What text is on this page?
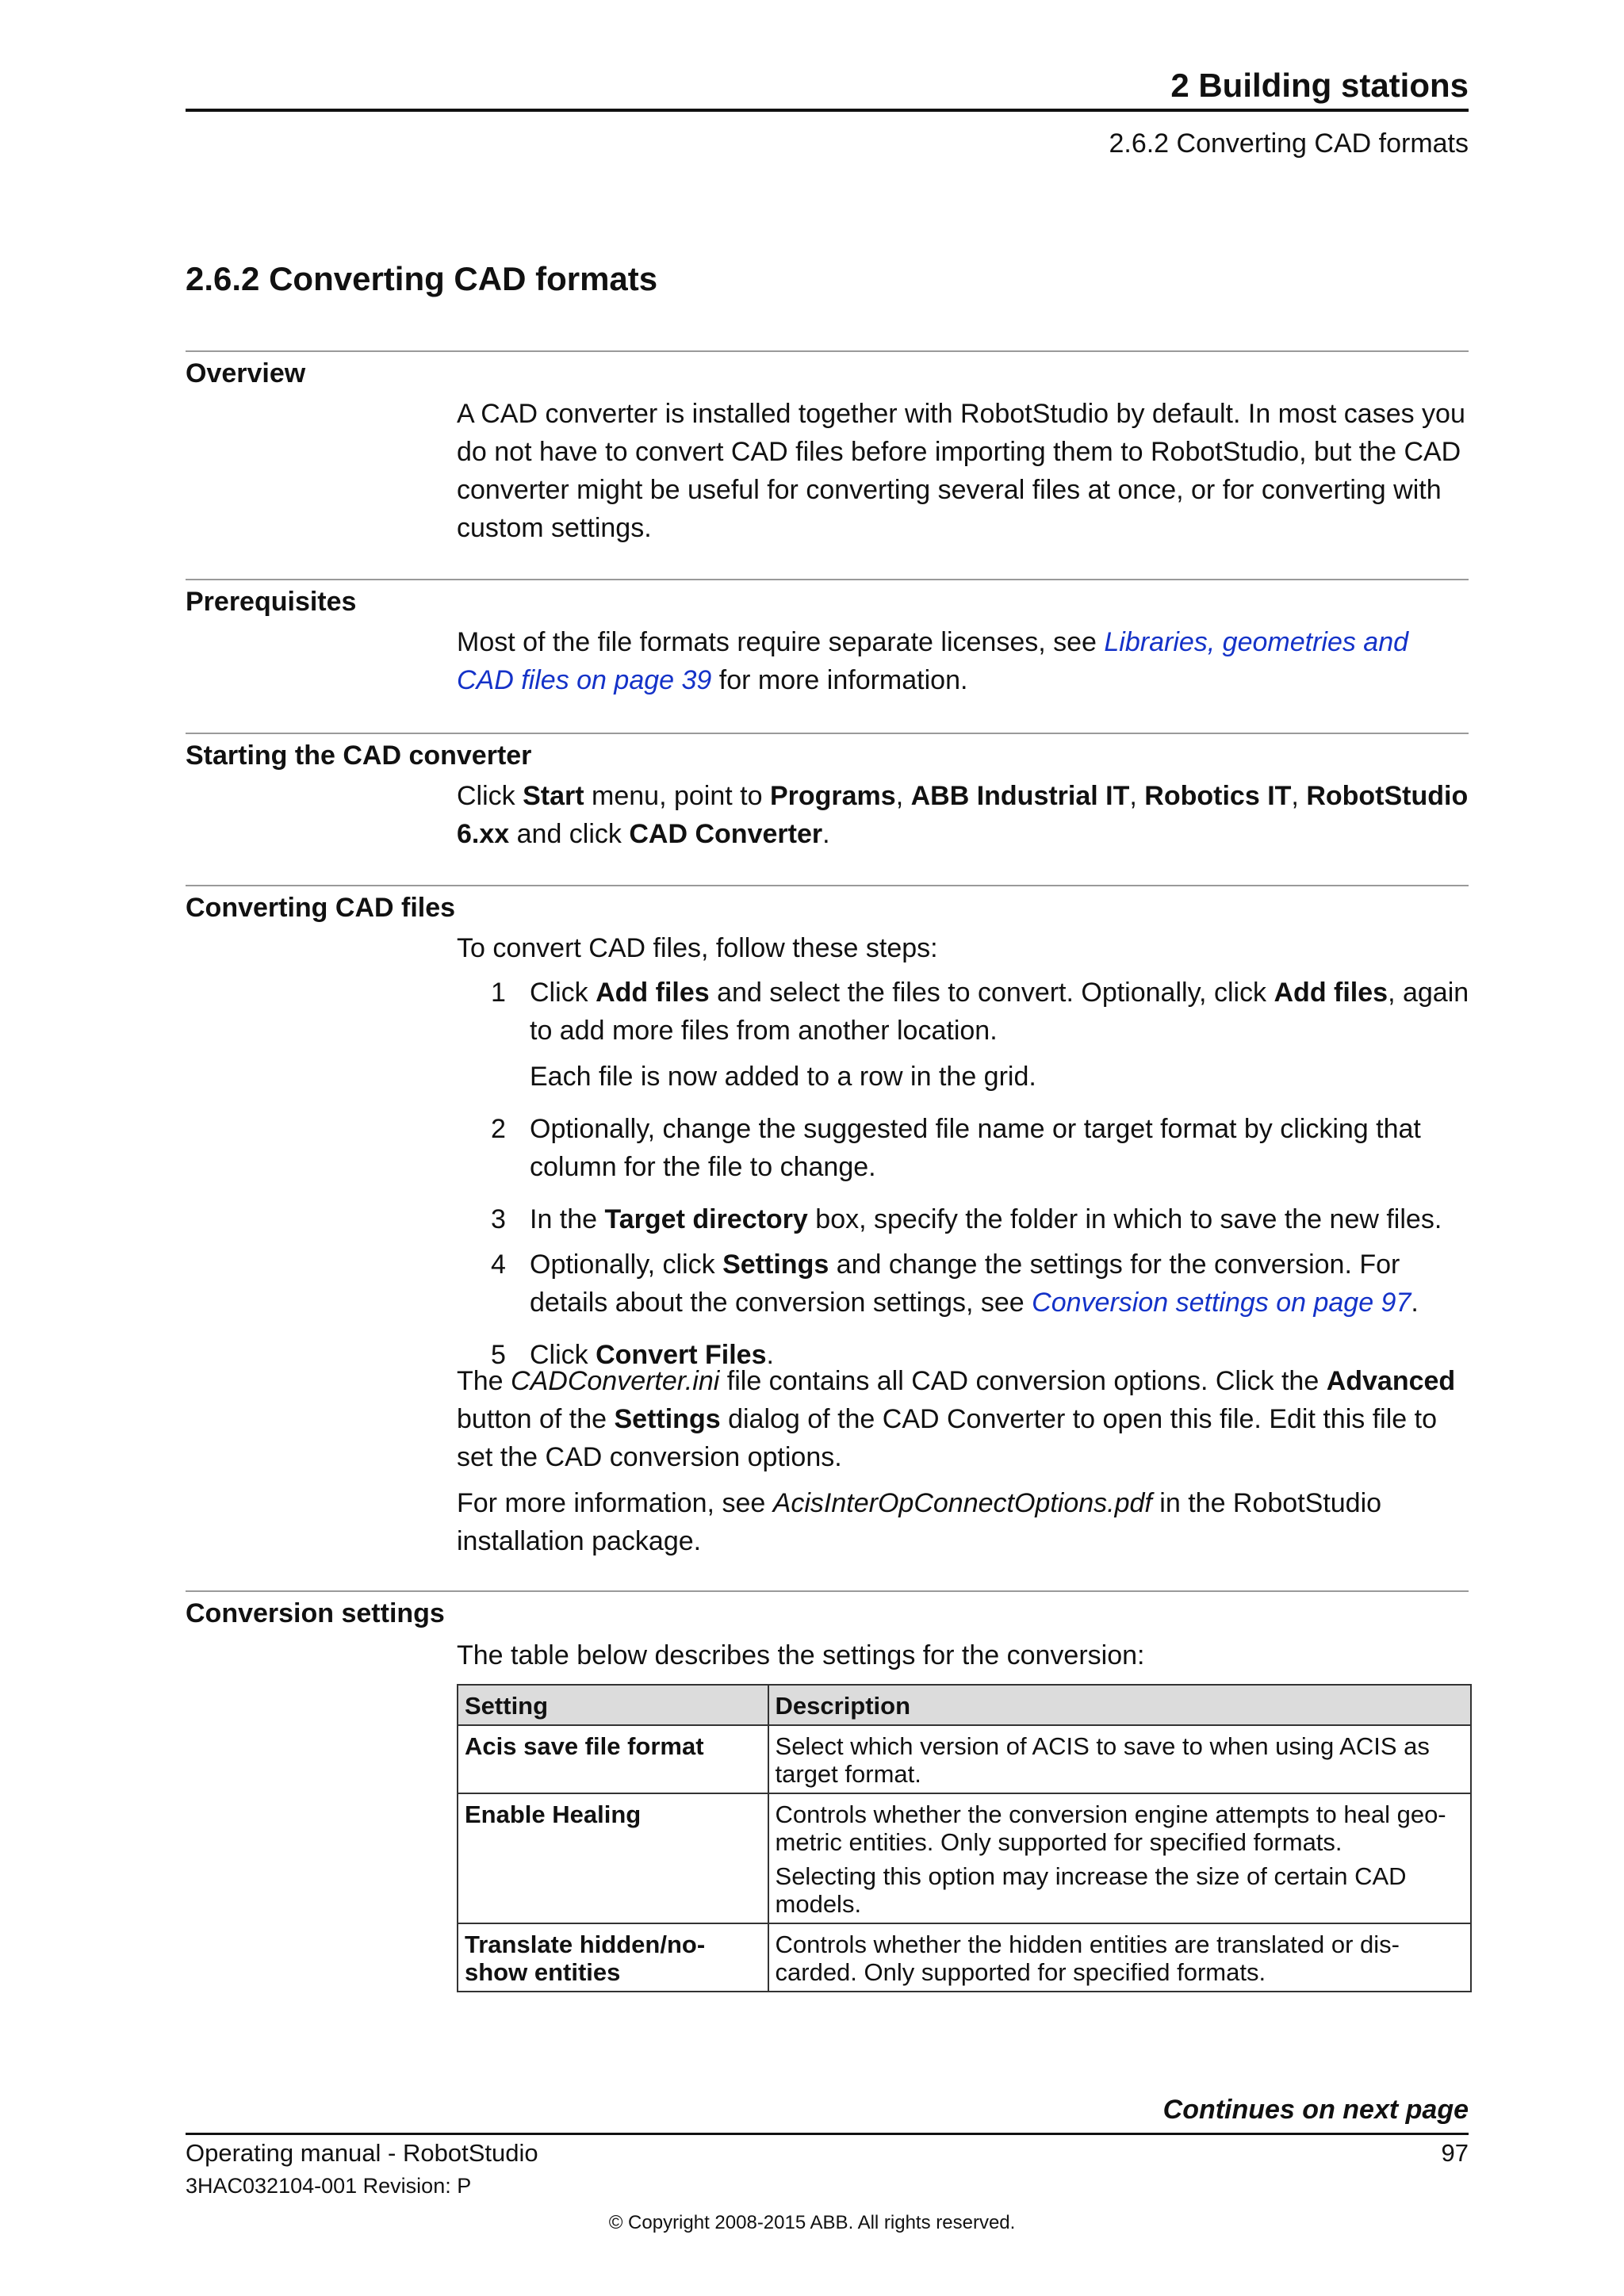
2 Building stations
2.6.2 Converting CAD formats
2.6.2 Converting CAD formats
Overview

A CAD converter is installed together with RobotStudio by default. In most cases you do not have to convert CAD files before importing them to RobotStudio, but the CAD converter might be useful for converting several files at once, or for converting with custom settings.

Prerequisites

Most of the file formats require separate licenses, see Libraries, geometries and CAD files on page 39 for more information.

Starting the CAD converter

Click Start menu, point to Programs, ABB Industrial IT, Robotics IT, RobotStudio 6.xx and click CAD Converter.

Converting CAD files

To convert CAD files, follow these steps:

1 Click Add files and select the files to convert. Optionally, click Add files, again to add more files from another location.
Each file is now added to a row in the grid.
2 Optionally, change the suggested file name or target format by clicking that column for the file to change.
3 In the Target directory box, specify the folder in which to save the new files.
4 Optionally, click Settings and change the settings for the conversion. For details about the conversion settings, see Conversion settings on page 97.
5 Click Convert Files.

The CADConverter.ini file contains all CAD conversion options. Click the Advanced button of the Settings dialog of the CAD Converter to open this file. Edit this file to set the CAD conversion options.

For more information, see AcisInterOpConnectOptions.pdf in the RobotStudio installation package.

Conversion settings

The table below describes the settings for the conversion:

Setting	Description
Acis save file format	Select which version of ACIS to save to when using ACIS as target format.

Enable Healing	Controls whether the conversion engine attempts to heal geo-metric entities. Only supported for specified formats.

Selecting this option may increase the size of certain CAD models.

Translate hidden/no-show entities	Controls whether the hidden entities are translated or dis-carded. Only supported for specified formats.

Continues on next page
Operating manual - RobotStudio	97
3HAC032104-001 Revision: P
© Copyright 2008-2015 ABB. All rights reserved.
